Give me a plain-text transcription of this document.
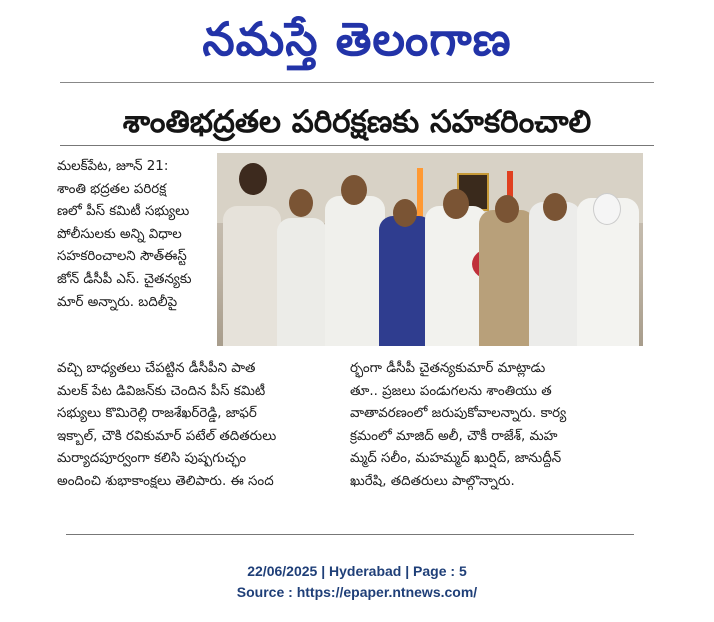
నమస్తే తెలంగాణ
శాంతిభద్రతల పరిరక్షణకు సహకరించాలి

మలక్‌పేట, జూన్ 21:

శాంతి భద్రతల పరిరక్ష

ణలో పీస్ కమిటీ సభ్యులు

పోలీసులకు అన్ని విధాల

సహకరించాలని సౌత్‌ఈస్ట్

జోన్ డీసీపీ ఎస్. చైతన్యకు

మార్ అన్నారు. బదిలీపై

వచ్చి బాధ్యతలు చేపట్టిన డీసీపీని పాత

మలక్ పేట డివిజన్‌కు చెందిన పీస్ కమిటీ

సభ్యులు కొమిరెల్లి రాజశేఖర్‌రెడ్డి, జాఫర్

ఇక్బాల్, చౌకి రవికుమార్ పటేల్ తదితరులు

మర్యాదపూర్వంగా కలిసి పుష్పగుచ్ఛం

అందించి శుభాకాంక్షలు తెలిపారు. ఈ సంద

ర్భంగా డీసీపీ చైతన్యకుమార్ మాట్లాడు

తూ.. ప్రజలు పండుగలను శాంతియు త

వాతావరణంలో జరుపుకోవాలన్నారు. కార్య

క్రమంలో మాజిద్ అలీ, చౌకీ రాజేశ్, మహ

మ్మద్ సలీం, మహమ్మద్ ఖుర్షిద్, జానుద్దీన్

ఖురేషి, తదితరులు పాల్గొన్నారు.

22/06/2025 | Hyderabad | Page : 5
Source : https://epaper.ntnews.com/
